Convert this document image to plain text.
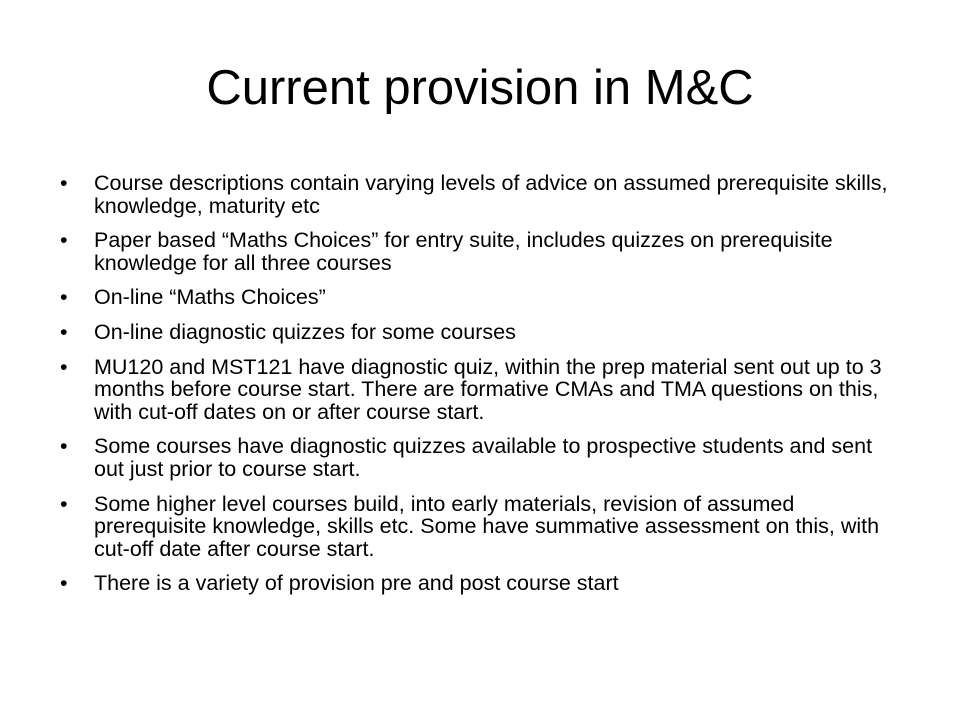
Current provision in M&C
•	Course descriptions contain varying levels of advice on assumed prerequisite skills, knowledge, maturity etc
•	Paper based “Maths Choices” for entry suite, includes quizzes on prerequisite knowledge for all three courses
•	On-line “Maths Choices”
•	On-line diagnostic quizzes for some courses
•	MU120 and MST121 have diagnostic quiz, within the prep material sent out up to 3 months before course start. There are formative CMAs and TMA questions on this, with cut-off dates on or after course start.
•	Some courses have diagnostic quizzes available to prospective students and sent out just prior to course start.
•	Some higher level courses build, into early materials, revision of assumed prerequisite knowledge, skills etc. Some have summative assessment on this, with cut-off date after course start.
•	There is a variety of provision pre and post course start
